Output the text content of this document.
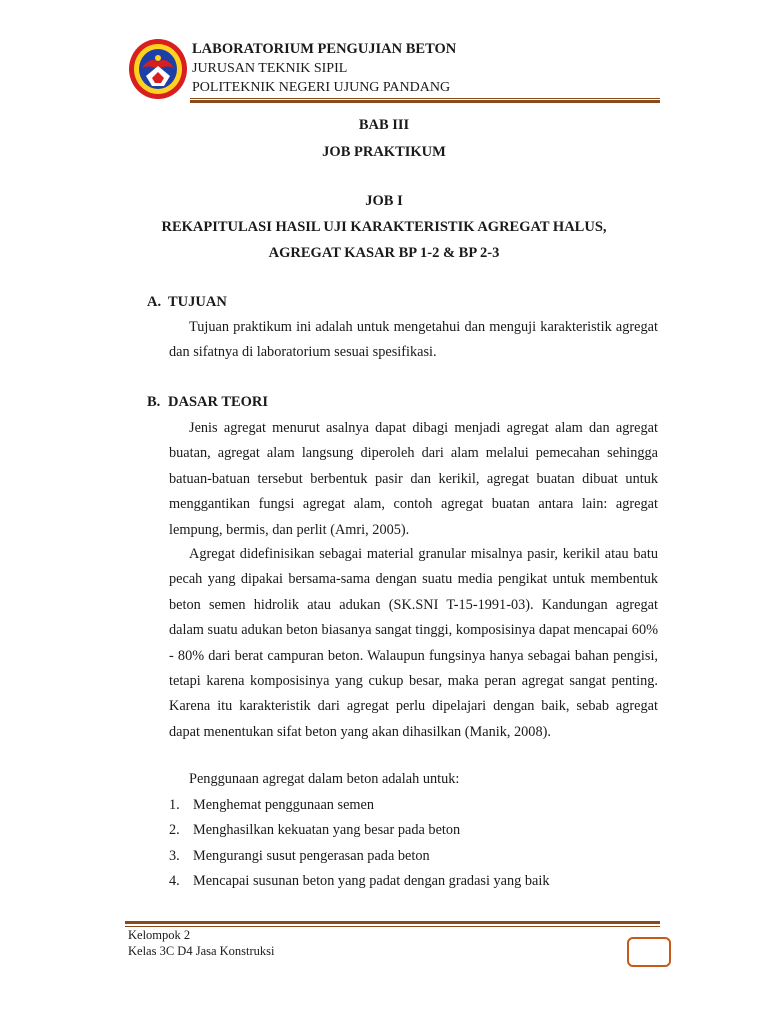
LABORATORIUM PENGUJIAN BETON
JURUSAN TEKNIK SIPIL
POLITEKNIK NEGERI UJUNG PANDANG
BAB III
JOB PRAKTIKUM
JOB I
REKAPITULASI HASIL UJI KARAKTERISTIK AGREGAT HALUS,
AGREGAT KASAR BP 1-2 & BP 2-3
A. TUJUAN

Tujuan praktikum ini adalah untuk mengetahui dan menguji karakteristik agregat dan sifatnya di laboratorium sesuai spesifikasi.

B. DASAR TEORI

Jenis agregat menurut asalnya dapat dibagi menjadi agregat alam dan agregat buatan, agregat alam langsung diperoleh dari alam melalui pemecahan sehingga batuan-batuan tersebut berbentuk pasir dan kerikil, agregat buatan dibuat untuk menggantikan fungsi agregat alam, contoh agregat buatan antara lain: agregat lempung, bermis, dan perlit (Amri, 2005).

Agregat didefinisikan sebagai material granular misalnya pasir, kerikil atau batu pecah yang dipakai bersama-sama dengan suatu media pengikat untuk membentuk beton semen hidrolik atau adukan (SK.SNI T-15-1991-03). Kandungan agregat dalam suatu adukan beton biasanya sangat tinggi, komposisinya dapat mencapai 60% - 80% dari berat campuran beton. Walaupun fungsinya hanya sebagai bahan pengisi, tetapi karena komposisinya yang cukup besar, maka peran agregat sangat penting. Karena itu karakteristik dari agregat perlu dipelajari dengan baik, sebab agregat dapat menentukan sifat beton yang akan dihasilkan (Manik, 2008).

Penggunaan agregat dalam beton adalah untuk:

1. Menghemat penggunaan semen
2. Menghasilkan kekuatan yang besar pada beton
3. Mengurangi susut pengerasan pada beton
4. Mencapai susunan beton yang padat dengan gradasi yang baik
Kelompok 2
Kelas 3C D4 Jasa Konstruksi
